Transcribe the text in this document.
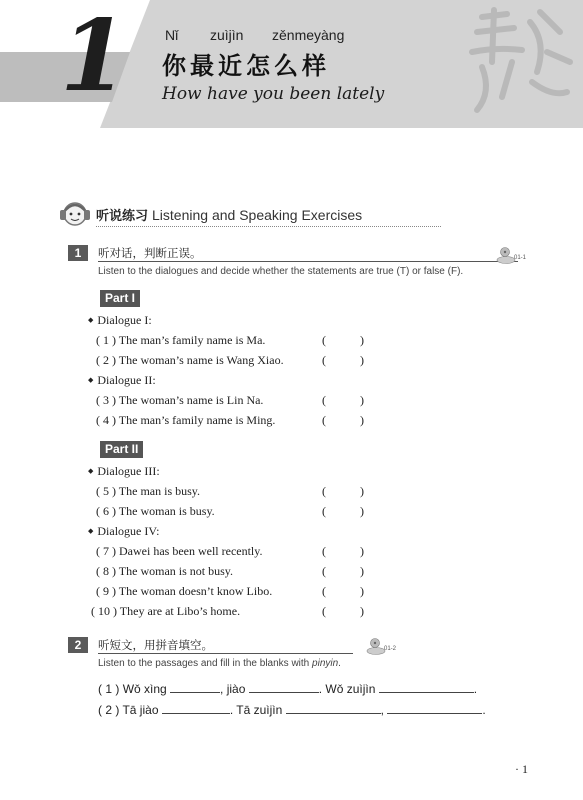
1	Nǐ zuìjìn zěnmeyàng
你最近怎么样
How have you been lately
听说练习 Listening and Speaking Exercises
1	听对话，判断正误。
Listen to the dialogues and decide whether the statements are true (T) or false (F).
01-1
Part I
◆ Dialogue I:
( 1 ) The man’s family name is Ma.	(	)
( 2 ) The woman’s name is Wang Xiao.	(	)
◆ Dialogue II:
( 3 ) The woman’s name is Lin Na.	(	)
( 4 ) The man’s family name is Ming.	(	)
Part II
◆ Dialogue III:
( 5 ) The man is busy.	(	)
( 6 ) The woman is busy.	(	)
◆ Dialogue IV:
( 7 ) Dawei has been well recently.	(	)
( 8 ) The woman is not busy.	(	)
( 9 ) The woman doesn’t know Libo.	(	)
( 10 ) They are at Libo’s home.	(	)
2	听短文，用拼音填空。
Listen to the passages and fill in the blanks with pinyin.
01-2
( 1 ) Wǒ xìng	, jiào	. Wǒ zuìjìn	.
( 2 ) Tā jiào	. Tā zuìjìn	,	.
· 1
